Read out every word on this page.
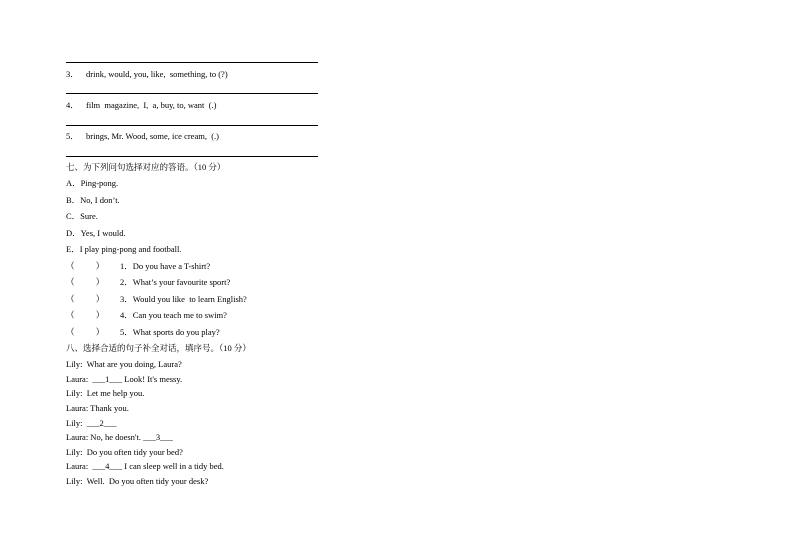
3． drink, would, you, like,  something, to (?)
4． film  magazine,  I,  a, buy, to, want  (.)
5． brings, Mr. Wood, some, ice cream,  (.)
七、为下列问句选择对应的答语。（10 分）
A．Ping-pong.
B．No, I don’t.
C．Sure.
D．Yes, I would.
E．I play ping-pong and football.
（          ） 1．Do you have a T-shirt?
（          ） 2．What’s your favourite sport?
（          ） 3．Would you like  to learn English?
（          ） 4．Can you teach me to swim?
（          ） 5．What sports do you play?
八、选择合适的句子补全对话，填序号。（10 分）
Lily:  What are you doing, Laura?
Laura:  ___1___ Look! It's messy.
Lily:  Let me help you.
Laura: Thank you.
Lily:  ___2___
Laura: No, he doesn't. ___3___
Lily:  Do you often tidy your bed?
Laura:  ___4___ I can sleep well in a tidy bed.
Lily:  Well.  Do you often tidy your desk?
